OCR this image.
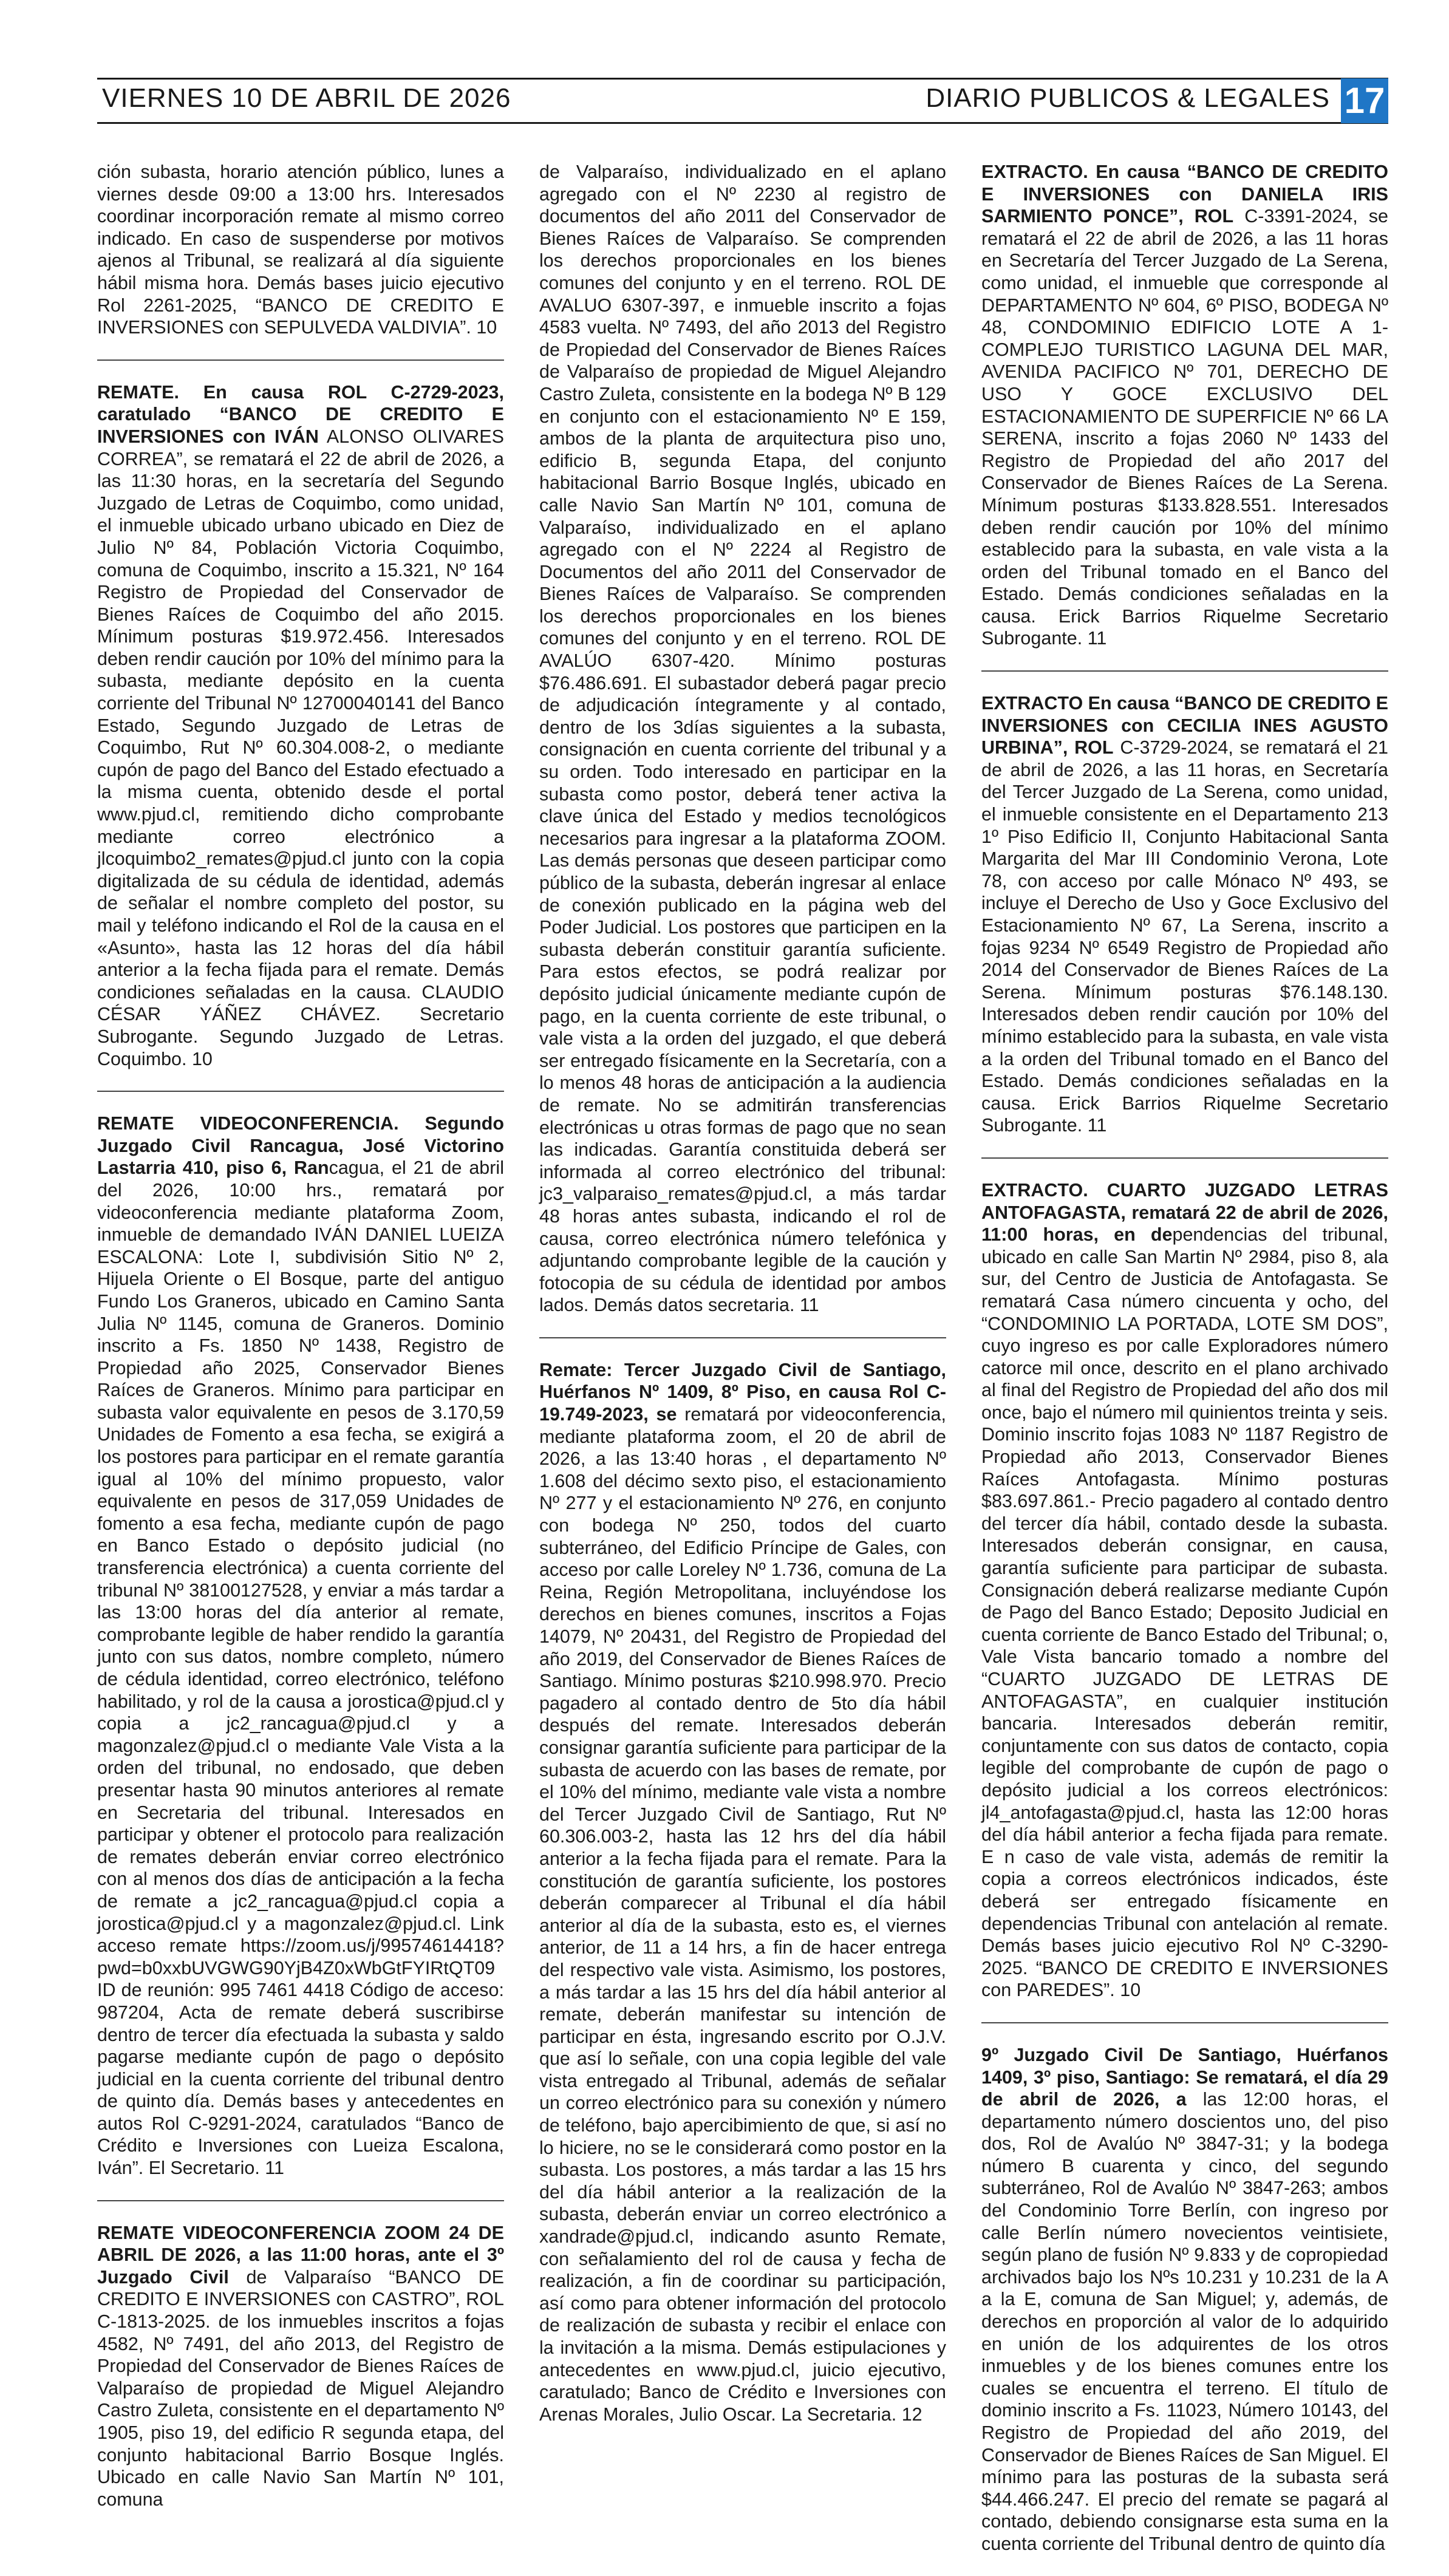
VIERNES 10 DE ABRIL DE 2026	DIARIO PUBLICOS & LEGALES 17

ción subasta, horario atención público, lunes a viernes desde 09:00 a 13:00 hrs. Interesados coordinar incorporación remate al mismo correo indicado. En caso de suspenderse por motivos ajenos al Tribunal, se realizará al día siguiente hábil misma hora. Demás bases juicio ejecutivo Rol 2261-2025, “BANCO DE CREDITO E INVERSIONES con SEPULVEDA VALDIVIA”. 10

REMATE. En causa ROL C-2729-2023, caratulado “BANCO DE CREDITO E INVERSIONES con IVÁN ALONSO OLIVARES CORREA”, se rematará el 22 de abril de 2026, a las 11:30 horas, en la secretaría del Segundo Juzgado de Letras de Coquimbo, como unidad, el inmueble ubicado urbano ubicado en Diez de Julio Nº 84, Población Victoria Coquimbo, comuna de Coquimbo, inscrito a 15.321, Nº 164 Registro de Propiedad del Conservador de Bienes Raíces de Coquimbo del año 2015. Mínimum posturas $19.972.456. Interesados deben rendir caución por 10% del mínimo para la subasta, mediante depósito en la cuenta corriente del Tribunal Nº 12700040141 del Banco Estado, Segundo Juzgado de Letras de Coquimbo, Rut Nº 60.304.008-2, o mediante cupón de pago del Banco del Estado efectuado a la misma cuenta, obtenido desde el portal www.pjud.cl, remitiendo dicho comprobante mediante correo electrónico a jlcoquimbo2_remates@pjud.cl junto con la copia digitalizada de su cédula de identidad, además de señalar el nombre completo del postor, su mail y teléfono indicando el Rol de la causa en el «Asunto», hasta las 12 horas del día hábil anterior a la fecha fijada para el remate. Demás condiciones señaladas en la causa. CLAUDIO CÉSAR YÁÑEZ CHÁVEZ. Secretario Subrogante. Segundo Juzgado de Letras. Coquimbo. 10

REMATE VIDEOCONFERENCIA. Segundo Juzgado Civil Rancagua, José Victorino Lastarria 410, piso 6, Rancagua, el 21 de abril del 2026, 10:00 hrs., rematará por videoconferencia mediante plataforma Zoom, inmueble de demandado IVÁN DANIEL LUEIZA ESCALONA: Lote I, subdivisión Sitio Nº 2, Hijuela Oriente o El Bosque, parte del antiguo Fundo Los Graneros, ubicado en Camino Santa Julia Nº 1145, comuna de Graneros. Dominio inscrito a Fs. 1850 Nº 1438, Registro de Propiedad año 2025, Conservador Bienes Raíces de Graneros. Mínimo para participar en subasta valor equivalente en pesos de 3.170,59 Unidades de Fomento a esa fecha, se exigirá a los postores para participar en el remate garantía igual al 10% del mínimo propuesto, valor equivalente en pesos de 317,059 Unidades de fomento a esa fecha, mediante cupón de pago en Banco Estado o depósito judicial (no transferencia electrónica) a cuenta corriente del tribunal Nº 38100127528, y enviar a más tardar a las 13:00 horas del día anterior al remate, comprobante legible de haber rendido la garantía junto con sus datos, nombre completo, número de cédula identidad, correo electrónico, teléfono habilitado, y rol de la causa a jorostica@pjud.cl y copia a jc2_rancagua@pjud.cl y a magonzalez@pjud.cl o mediante Vale Vista a la orden del tribunal, no endosado, que deben presentar hasta 90 minutos anteriores al remate en Secretaria del tribunal. Interesados en participar y obtener el protocolo para realización de remates deberán enviar correo electrónico con al menos dos días de anticipación a la fecha de remate a jc2_rancagua@pjud.cl copia a jorostica@pjud.cl y a magonzalez@pjud.cl. Link acceso remate https://zoom.us/j/99574614418?pwd=b0xxbUVGWG90YjB4Z0xWbGtFYIRtQT09 ID de reunión: 995 7461 4418 Código de acceso: 987204, Acta de remate deberá suscribirse dentro de tercer día efectuada la subasta y saldo pagarse mediante cupón de pago o depósito judicial en la cuenta corriente del tribunal dentro de quinto día. Demás bases y antecedentes en autos Rol C-9291-2024, caratulados “Banco de Crédito e Inversiones con Lueiza Escalona, Iván”. El Secretario. 11

REMATE VIDEOCONFERENCIA ZOOM 24 DE ABRIL DE 2026, a las 11:00 horas, ante el 3º Juzgado Civil de Valparaíso “BANCO DE CREDITO E INVERSIONES con CASTRO”, ROL C-1813-2025. de los inmuebles inscritos a fojas 4582, Nº 7491, del año 2013, del Registro de Propiedad del Conservador de Bienes Raíces de Valparaíso de propiedad de Miguel Alejandro Castro Zuleta, consistente en el departamento Nº 1905, piso 19, del edificio R segunda etapa, del conjunto habitacional Barrio Bosque Inglés. Ubicado en calle Navio San Martín Nº 101, comuna

de Valparaíso, individualizado en el aplano agregado con el Nº 2230 al registro de documentos del año 2011 del Conservador de Bienes Raíces de Valparaíso. Se comprenden los derechos proporcionales en los bienes comunes del conjunto y en el terreno. ROL DE AVALUO 6307-397, e inmueble inscrito a fojas 4583 vuelta. Nº 7493, del año 2013 del Registro de Propiedad del Conservador de Bienes Raíces de Valparaíso de propiedad de Miguel Alejandro Castro Zuleta, consistente en la bodega Nº B 129 en conjunto con el estacionamiento Nº E 159, ambos de la planta de arquitectura piso uno, edificio B, segunda Etapa, del conjunto habitacional Barrio Bosque Inglés, ubicado en calle Navio San Martín Nº 101, comuna de Valparaíso, individualizado en el aplano agregado con el Nº 2224 al Registro de Documentos del año 2011 del Conservador de Bienes Raíces de Valparaíso. Se comprenden los derechos proporcionales en los bienes comunes del conjunto y en el terreno. ROL DE AVALÚO 6307-420. Mínimo posturas $76.486.691. El subastador deberá pagar precio de adjudicación íntegramente y al contado, dentro de los 3días siguientes a la subasta, consignación en cuenta corriente del tribunal y a su orden. Todo interesado en participar en la subasta como postor, deberá tener activa la clave única del Estado y medios tecnológicos necesarios para ingresar a la plataforma ZOOM. Las demás personas que deseen participar como público de la subasta, deberán ingresar al enlace de conexión publicado en la página web del Poder Judicial. Los postores que participen en la subasta deberán constituir garantía suficiente. Para estos efectos, se podrá realizar por depósito judicial únicamente mediante cupón de pago, en la cuenta corriente de este tribunal, o vale vista a la orden del juzgado, el que deberá ser entregado físicamente en la Secretaría, con a lo menos 48 horas de anticipación a la audiencia de remate. No se admitirán transferencias electrónicas u otras formas de pago que no sean las indicadas. Garantía constituida deberá ser informada al correo electrónico del tribunal: jc3_valparaiso_remates@pjud.cl, a más tardar 48 horas antes subasta, indicando el rol de causa, correo electrónica número telefónica y adjuntando comprobante legible de la caución y fotocopia de su cédula de identidad por ambos lados. Demás datos secretaria. 11

Remate: Tercer Juzgado Civil de Santiago, Huérfanos Nº 1409, 8º Piso, en causa Rol C-19.749-2023, se rematará por videoconferencia, mediante plataforma zoom, el 20 de abril de 2026, a las 13:40 horas , el departamento Nº 1.608 del décimo sexto piso, el estacionamiento Nº 277 y el estacionamiento Nº 276, en conjunto con bodega Nº 250, todos del cuarto subterráneo, del Edificio Príncipe de Gales, con acceso por calle Loreley Nº 1.736, comuna de La Reina, Región Metropolitana, incluyéndose los derechos en bienes comunes, inscritos a Fojas 14079, Nº 20431, del Registro de Propiedad del año 2019, del Conservador de Bienes Raíces de Santiago. Mínimo posturas $210.998.970. Precio pagadero al contado dentro de 5to día hábil después del remate. Interesados deberán consignar garantía suficiente para participar de la subasta de acuerdo con las bases de remate, por el 10% del mínimo, mediante vale vista a nombre del Tercer Juzgado Civil de Santiago, Rut Nº 60.306.003-2, hasta las 12 hrs del día hábil anterior a la fecha fijada para el remate. Para la constitución de garantía suficiente, los postores deberán comparecer al Tribunal el día hábil anterior al día de la subasta, esto es, el viernes anterior, de 11 a 14 hrs, a fin de hacer entrega del respectivo vale vista. Asimismo, los postores, a más tardar a las 15 hrs del día hábil anterior al remate, deberán manifestar su intención de participar en ésta, ingresando escrito por O.J.V. que así lo señale, con una copia legible del vale vista entregado al Tribunal, además de señalar un correo electrónico para su conexión y número de teléfono, bajo apercibimiento de que, si así no lo hiciere, no se le considerará como postor en la subasta. Los postores, a más tardar a las 15 hrs del día hábil anterior a la realización de la subasta, deberán enviar un correo electrónico a xandrade@pjud.cl, indicando asunto Remate, con señalamiento del rol de causa y fecha de realización, a fin de coordinar su participación, así como para obtener información del protocolo de realización de subasta y recibir el enlace con la invitación a la misma. Demás estipulaciones y antecedentes en www.pjud.cl, juicio ejecutivo, caratulado; Banco de Crédito e Inversiones con Arenas Morales, Julio Oscar. La Secretaria. 12

EXTRACTO. En causa “BANCO DE CREDITO E INVERSIONES con DANIELA IRIS SARMIENTO PONCE”, ROL C-3391-2024, se rematará el 22 de abril de 2026, a las 11 horas en Secretaría del Tercer Juzgado de La Serena, como unidad, el inmueble que corresponde al DEPARTAMENTO Nº 604, 6º PISO, BODEGA Nº 48, CONDOMINIO EDIFICIO LOTE A 1-COMPLEJO TURISTICO LAGUNA DEL MAR, AVENIDA PACIFICO Nº 701, DERECHO DE USO Y GOCE EXCLUSIVO DEL ESTACIONAMIENTO DE SUPERFICIE Nº 66 LA SERENA, inscrito a fojas 2060 Nº 1433 del Registro de Propiedad del año 2017 del Conservador de Bienes Raíces de La Serena. Mínimum posturas $133.828.551. Interesados deben rendir caución por 10% del mínimo establecido para la subasta, en vale vista a la orden del Tribunal tomado en el Banco del Estado. Demás condiciones señaladas en la causa. Erick Barrios Riquelme Secretario Subrogante. 11

EXTRACTO En causa “BANCO DE CREDITO E INVERSIONES con CECILIA INES AGUSTO URBINA”, ROL C-3729-2024, se rematará el 21 de abril de 2026, a las 11 horas, en Secretaría del Tercer Juzgado de La Serena, como unidad, el inmueble consistente en el Departamento 213 1º Piso Edificio II, Conjunto Habitacional Santa Margarita del Mar III Condominio Verona, Lote 78, con acceso por calle Mónaco Nº 493, se incluye el Derecho de Uso y Goce Exclusivo del Estacionamiento Nº 67, La Serena, inscrito a fojas 9234 Nº 6549 Registro de Propiedad año 2014 del Conservador de Bienes Raíces de La Serena. Mínimum posturas $76.148.130. Interesados deben rendir caución por 10% del mínimo establecido para la subasta, en vale vista a la orden del Tribunal tomado en el Banco del Estado. Demás condiciones señaladas en la causa. Erick Barrios Riquelme Secretario Subrogante. 11

EXTRACTO. CUARTO JUZGADO LETRAS ANTOFAGASTA, rematará 22 de abril de 2026, 11:00 horas, en dependencias del tribunal, ubicado en calle San Martin Nº 2984, piso 8, ala sur, del Centro de Justicia de Antofagasta. Se rematará Casa número cincuenta y ocho, del “CONDOMINIO LA PORTADA, LOTE SM DOS”, cuyo ingreso es por calle Exploradores número catorce mil once, descrito en el plano archivado al final del Registro de Propiedad del año dos mil once, bajo el número mil quinientos treinta y seis. Dominio inscrito fojas 1083 Nº 1187 Registro de Propiedad año 2013, Conservador Bienes Raíces Antofagasta. Mínimo posturas $83.697.861.- Precio pagadero al contado dentro del tercer día hábil, contado desde la subasta. Interesados deberán consignar, en causa, garantía suficiente para participar de subasta. Consignación deberá realizarse mediante Cupón de Pago del Banco Estado; Deposito Judicial en cuenta corriente de Banco Estado del Tribunal; o, Vale Vista bancario tomado a nombre del “CUARTO JUZGADO DE LETRAS DE ANTOFAGASTA”, en cualquier institución bancaria. Interesados deberán remitir, conjuntamente con sus datos de contacto, copia legible del comprobante de cupón de pago o depósito judicial a los correos electrónicos: jl4_antofagasta@pjud.cl, hasta las 12:00 horas del día hábil anterior a fecha fijada para remate. E n caso de vale vista, además de remitir la copia a correos electrónicos indicados, éste deberá ser entregado físicamente en dependencias Tribunal con antelación al remate. Demás bases juicio ejecutivo Rol Nº C-3290-2025. “BANCO DE CREDITO E INVERSIONES con PAREDES”. 10

9º Juzgado Civil De Santiago, Huérfanos 1409, 3º piso, Santiago: Se rematará, el día 29 de abril de 2026, a las 12:00 horas, el departamento número doscientos uno, del piso dos, Rol de Avalúo Nº 3847-31; y la bodega número B cuarenta y cinco, del segundo subterráneo, Rol de Avalúo Nº 3847-263; ambos del Condominio Torre Berlín, con ingreso por calle Berlín número novecientos veintisiete, según plano de fusión Nº 9.833 y de copropiedad archivados bajo los Nºs 10.231 y 10.231 de la A a la E, comuna de San Miguel; y, además, de derechos en proporción al valor de lo adquirido en unión de los adquirentes de los otros inmuebles y de los bienes comunes entre los cuales se encuentra el terreno. El título de dominio inscrito a Fs. 11023, Número 10143, del Registro de Propiedad del año 2019, del Conservador de Bienes Raíces de San Miguel. El mínimo para las posturas de la subasta será $44.466.247. El precio del remate se pagará al contado, debiendo consignarse esta suma en la cuenta corriente del Tribunal dentro de quinto día
